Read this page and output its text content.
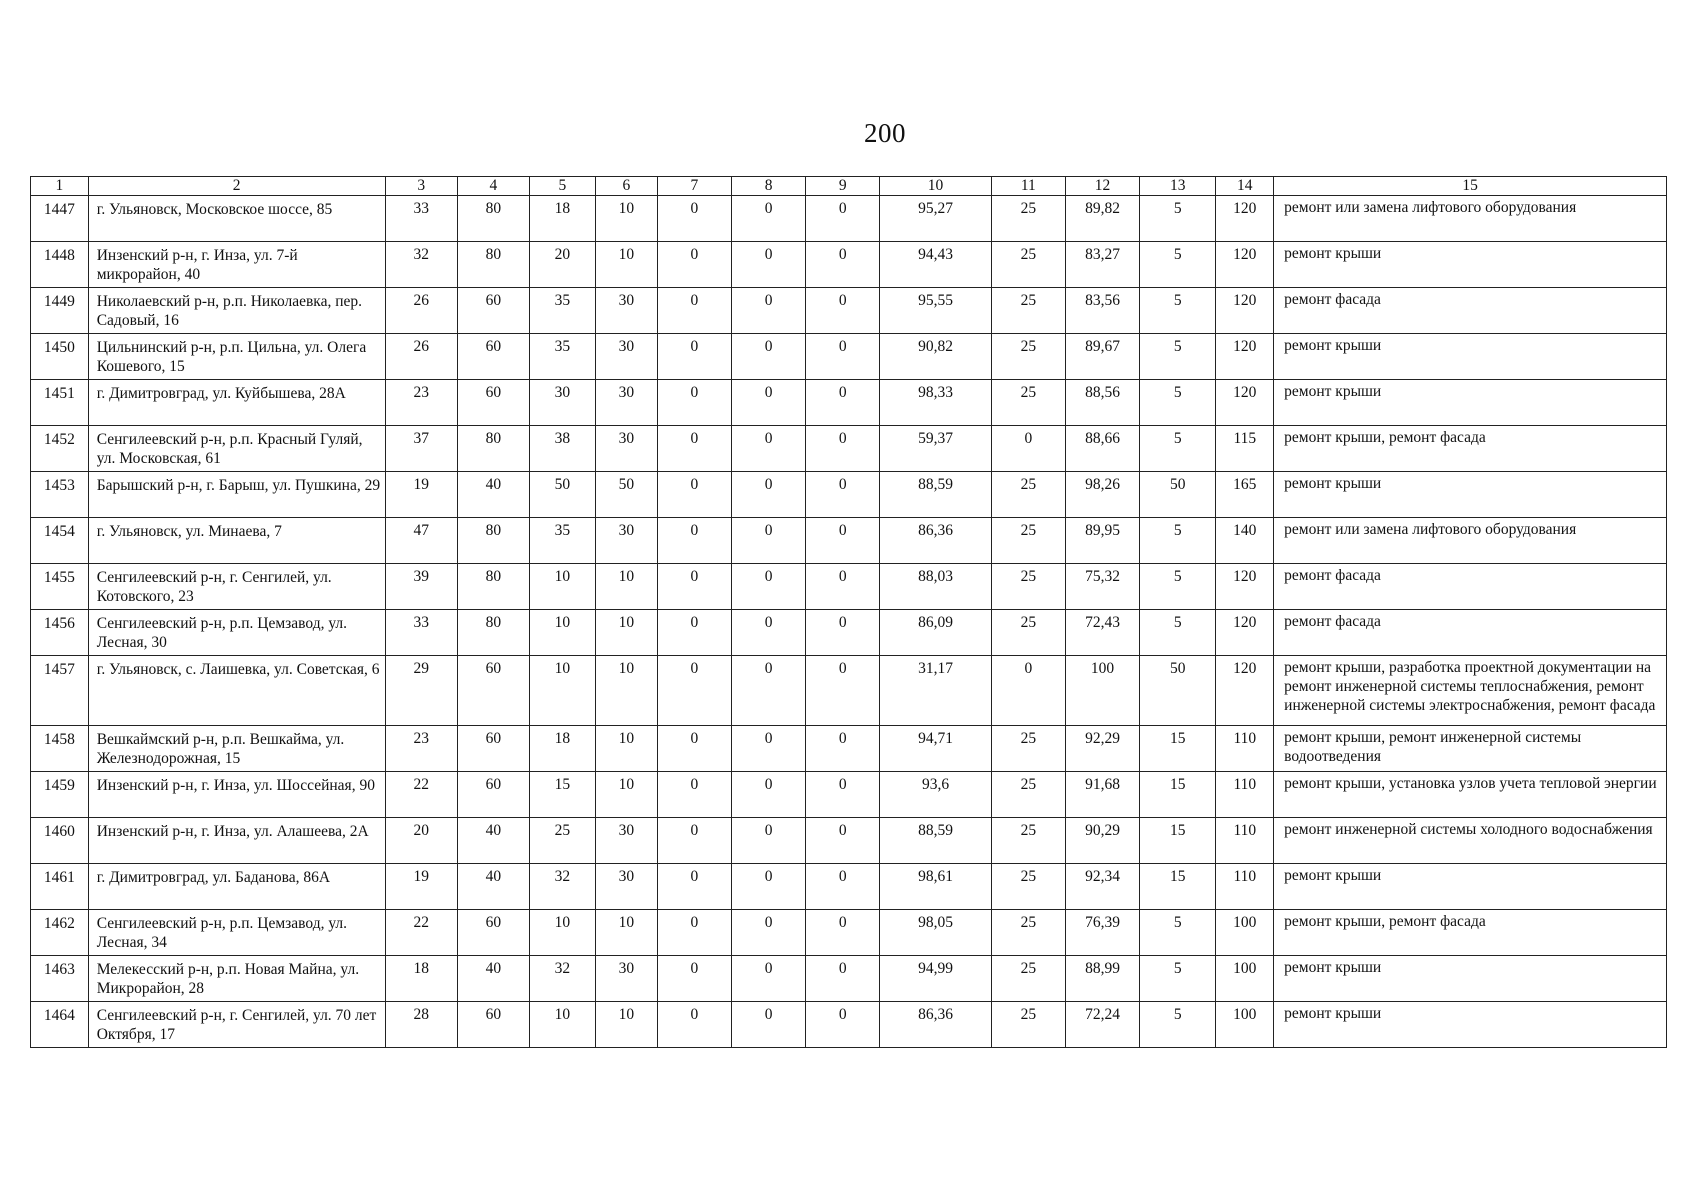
200
1	2	3	4	5	6	7	8	9	10	11	12	13	14	15
1447	г. Ульяновск, Московское шоссе, 85	33	80	18	10	0	0	0	95,27	25	89,82	5	120	ремонт или замена лифтового оборудования
1448	Инзенский р-н, г. Инза, ул. 7-й микрорайон, 40	32	80	20	10	0	0	0	94,43	25	83,27	5	120	ремонт крыши
1449	Николаевский р-н, р.п. Николаевка, пер. Садовый, 16	26	60	35	30	0	0	0	95,55	25	83,56	5	120	ремонт фасада
1450	Цильнинский р-н, р.п. Цильна, ул. Олега Кошевого, 15	26	60	35	30	0	0	0	90,82	25	89,67	5	120	ремонт крыши
1451	г. Димитровград, ул. Куйбышева, 28А	23	60	30	30	0	0	0	98,33	25	88,56	5	120	ремонт крыши
1452	Сенгилеевский р-н, р.п. Красный Гуляй, ул. Московская, 61	37	80	38	30	0	0	0	59,37	0	88,66	5	115	ремонт крыши, ремонт фасада
1453	Барышский р-н, г. Барыш, ул. Пушкина, 29	19	40	50	50	0	0	0	88,59	25	98,26	50	165	ремонт крыши
1454	г. Ульяновск, ул. Минаева, 7	47	80	35	30	0	0	0	86,36	25	89,95	5	140	ремонт или замена лифтового оборудования
1455	Сенгилеевский р-н, г. Сенгилей, ул. Котовского, 23	39	80	10	10	0	0	0	88,03	25	75,32	5	120	ремонт фасада
1456	Сенгилеевский р-н, р.п. Цемзавод, ул. Лесная, 30	33	80	10	10	0	0	0	86,09	25	72,43	5	120	ремонт фасада
1457	г. Ульяновск, с. Лаишевка, ул. Советская, 6	29	60	10	10	0	0	0	31,17	0	100	50	120	ремонт крыши, разработка проектной документации на ремонт инженерной системы теплоснабжения, ремонт инженерной системы электроснабжения, ремонт фасада
1458	Вешкаймский р-н, р.п. Вешкайма, ул. Железнодорожная, 15	23	60	18	10	0	0	0	94,71	25	92,29	15	110	ремонт крыши, ремонт инженерной системы водоотведения
1459	Инзенский р-н, г. Инза, ул. Шоссейная, 90	22	60	15	10	0	0	0	93,6	25	91,68	15	110	ремонт крыши, установка узлов учета тепловой энергии
1460	Инзенский р-н, г. Инза, ул. Алашеева, 2А	20	40	25	30	0	0	0	88,59	25	90,29	15	110	ремонт инженерной системы холодного водоснабжения
1461	г. Димитровград, ул. Баданова, 86А	19	40	32	30	0	0	0	98,61	25	92,34	15	110	ремонт крыши
1462	Сенгилеевский р-н, р.п. Цемзавод, ул. Лесная, 34	22	60	10	10	0	0	0	98,05	25	76,39	5	100	ремонт крыши, ремонт фасада
1463	Мелекесский р-н, р.п. Новая Майна, ул. Микрорайон, 28	18	40	32	30	0	0	0	94,99	25	88,99	5	100	ремонт крыши
1464	Сенгилеевский р-н, г. Сенгилей, ул. 70 лет Октября, 17	28	60	10	10	0	0	0	86,36	25	72,24	5	100	ремонт крыши
